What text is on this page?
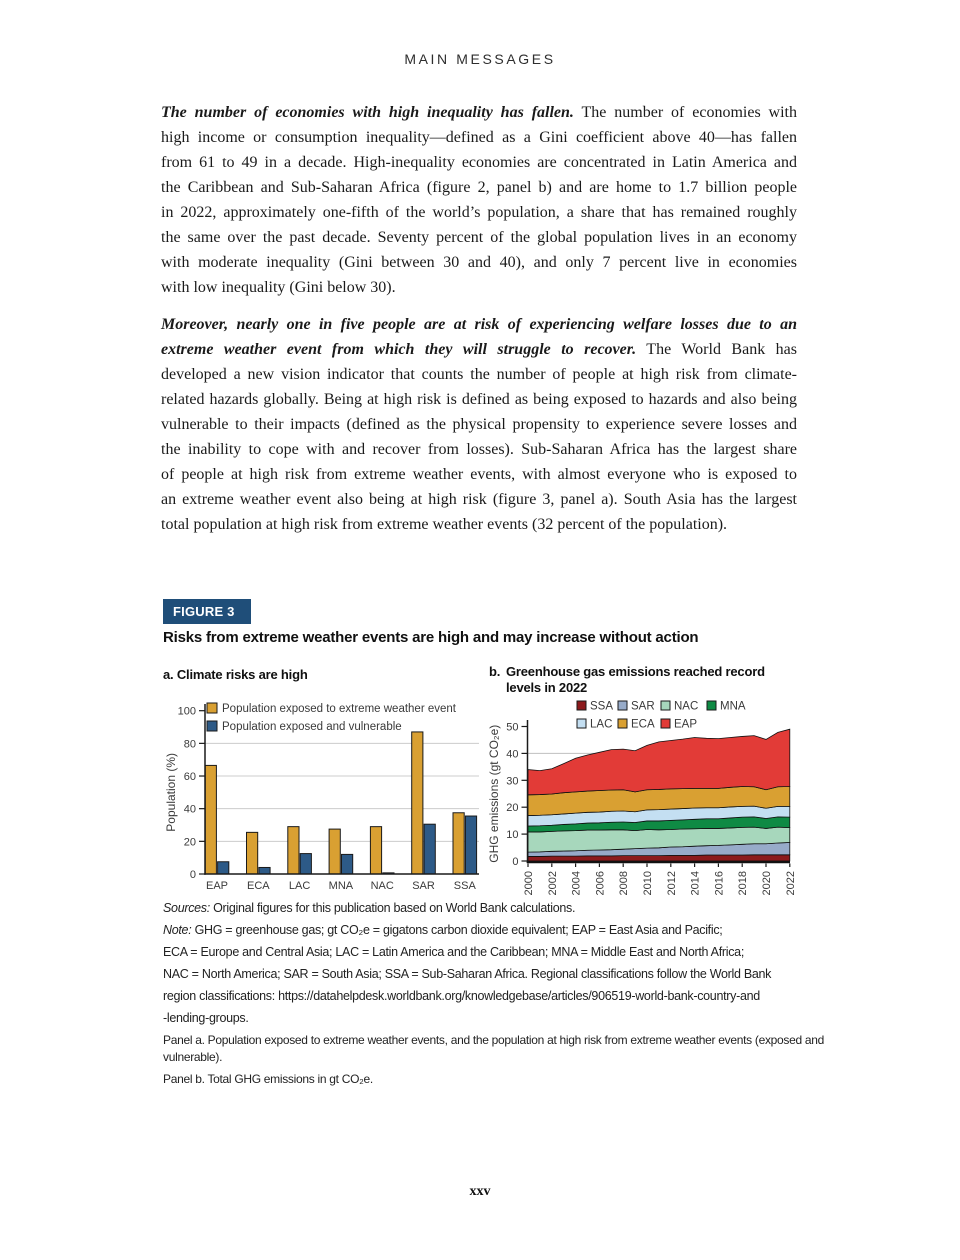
MAIN MESSAGES
The number of economies with high inequality has fallen. The number of economies with
high income or consumption inequality—defined as a Gini coefficient above 40—has fallen
from 61 to 49 in a decade. High-inequality economies are concentrated in Latin America and
the Caribbean and Sub-Saharan Africa (figure 2, panel b) and are home to 1.7 billion people
in 2022, approximately one-fifth of the world’s population, a share that has remained roughly
the same over the past decade. Seventy percent of the global population lives in an economy
with moderate inequality (Gini between 30 and 40), and only 7 percent live in economies
with low inequality (Gini below 30).
Moreover, nearly one in five people are at risk of experiencing welfare losses due to an
extreme weather event from which they will struggle to recover. The World Bank has
developed a new vision indicator that counts the number of people at high risk from climate-
related hazards globally. Being at high risk is defined as being exposed to hazards and also being
vulnerable to their impacts (defined as the physical propensity to experience severe losses and
the inability to cope with and recover from losses). Sub-Saharan Africa has the largest share
of people at high risk from extreme weather events, with almost everyone who is exposed to
an extreme weather event also being at high risk (figure 3, panel a). South Asia has the largest
total population at high risk from extreme weather events (32 percent of the population).
FIGURE 3
Risks from extreme weather events are high and may increase without action
a. Climate risks are high	b. Greenhouse gas emissions reached record
levels in 2022
0
20
40
60
80
100
EAP ECA LAC MNA NAC SAR SSA
Population (%)
Population exposed to extreme weather event
Population exposed and vulnerable
0
10
20
30
40
50
2000 2002 2004 2006 2008 2010 2012 2014 2016 2018 2020 2022
GHG emissions (gt CO₂e)
SSA SAR NAC MNA
LAC ECA EAP
Sources: Original figures for this publication based on World Bank calculations.
Note: GHG = greenhouse gas; gt CO₂e = gigatons carbon dioxide equivalent; EAP = East Asia and Pacific;
ECA = Europe and Central Asia; LAC = Latin America and the Caribbean; MNA = Middle East and North Africa;
NAC = North America; SAR = South Asia; SSA = Sub-Saharan Africa. Regional classifications follow the World Bank
region classifications: https://datahelpdesk.worldbank.org/knowledgebase/articles/906519-world-bank-country-and
-lending-groups.
Panel a. Population exposed to extreme weather events, and the population at high risk from extreme weather events (exposed and
vulnerable).
Panel b. Total GHG emissions in gt CO₂e.
xxv
